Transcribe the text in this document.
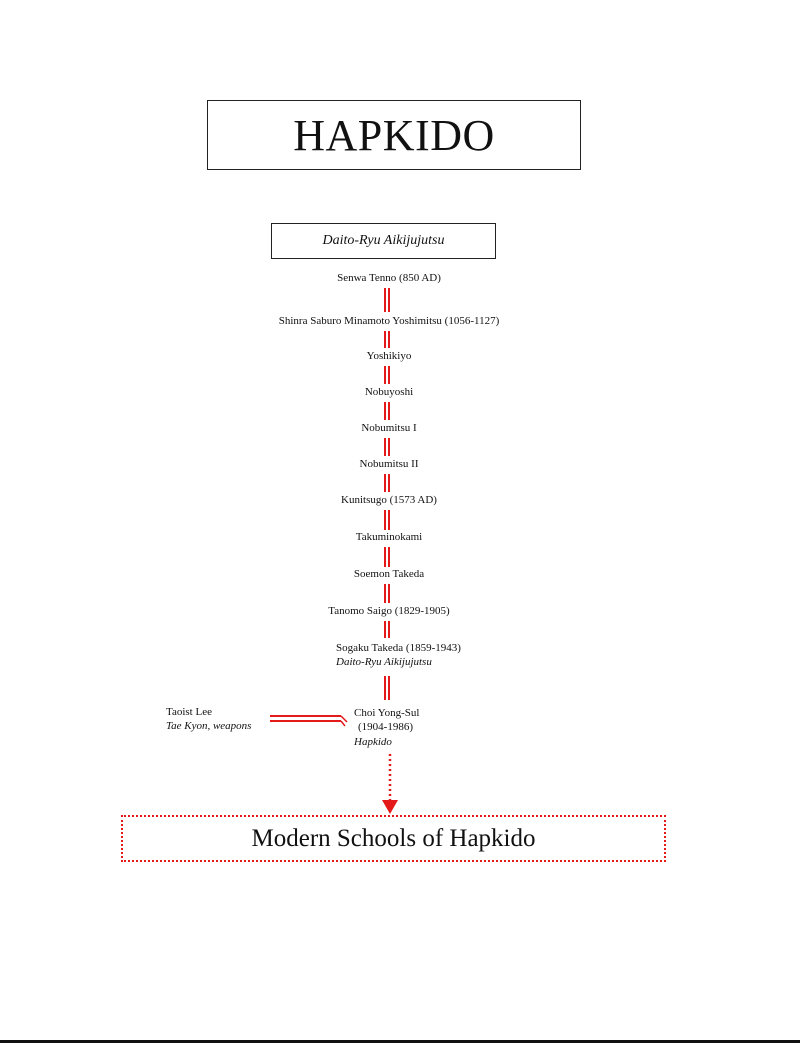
HAPKIDO
Daito-Ryu Aikijujutsu
Senwa Tenno (850 AD)
Shinra Saburo Minamoto Yoshimitsu (1056-1127)
Yoshikiyo
Nobuyoshi
Nobumitsu I
Nobumitsu II
Kunitsugo (1573 AD)
Takuminokami
Soemon Takeda
Tanomo Saigo (1829-1905)
Sogaku Takeda (1859-1943)
Daito-Ryu Aikijujutsu
Choi Yong-Sul
(1904-1986)
Hapkido
Taoist Lee
Tae Kyon, weapons
Modern Schools of Hapkido
